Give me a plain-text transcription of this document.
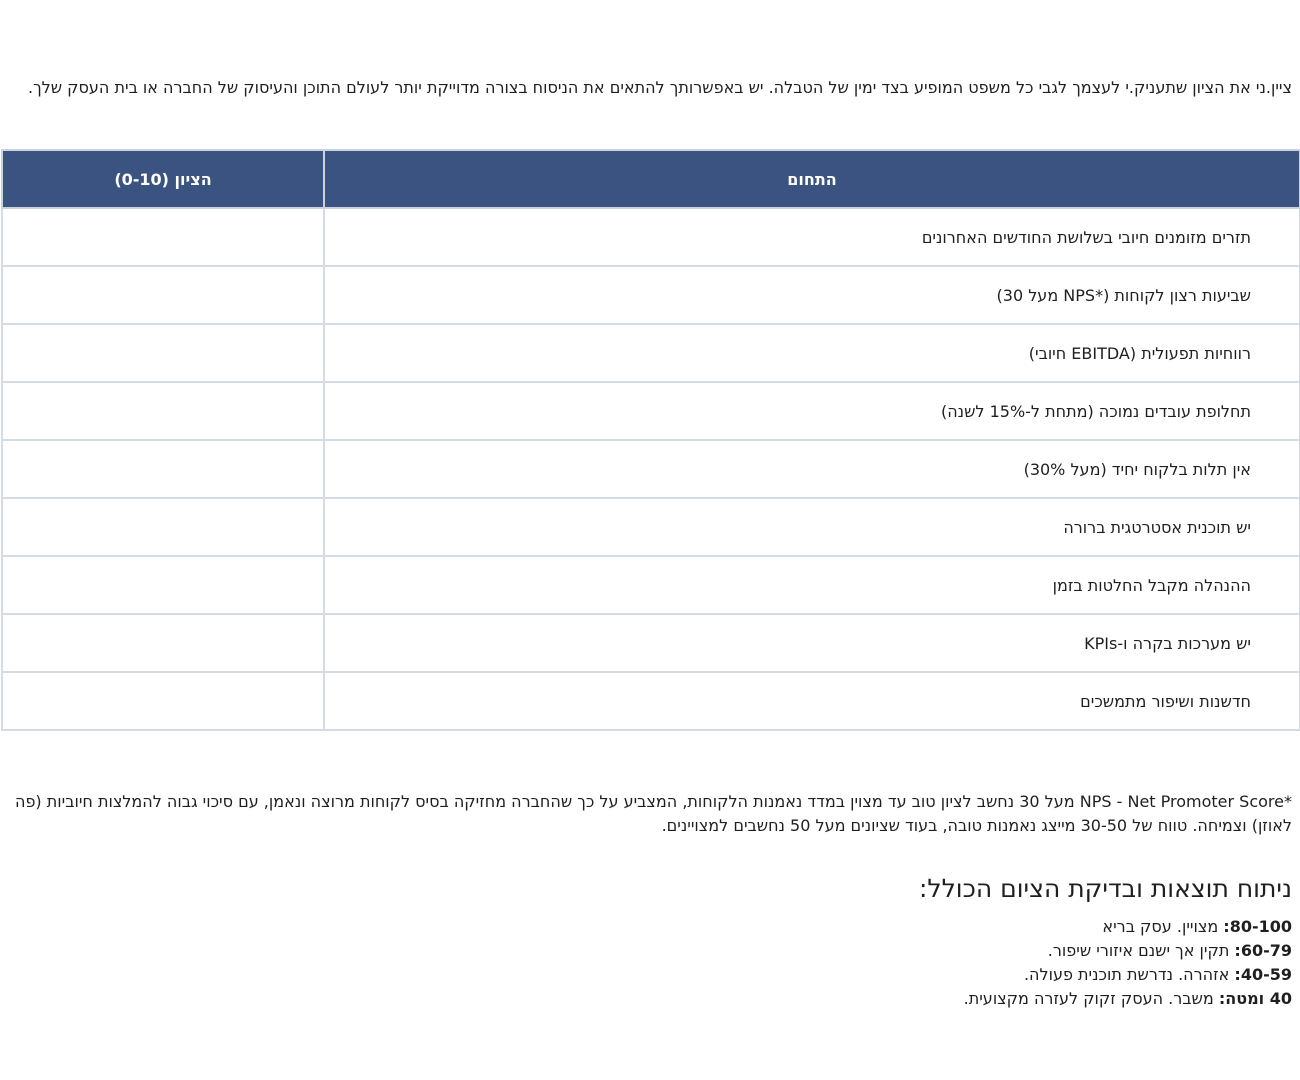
ציין.ני את הציון שתעניק.י לעצמך לגבי כל משפט המופיע בצד ימין של הטבלה. יש באפשרותך להתאים את הניסוח בצורה מדוייקת יותר לעולם התוכן והעיסוק של החברה או בית העסק שלך.

התחום	הציון (0-10)
תזרים מזומנים חיובי בשלושת החודשים האחרונים	
שביעות רצון לקוחות (*NPS מעל 30)	
רווחיות תפעולית (EBITDA חיובי)	
תחלופת עובדים נמוכה (מתחת ל-15% לשנה)	
אין תלות בלקוח יחיד (מעל 30%)	
יש תוכנית אסטרטגית ברורה	
ההנהלה מקבל החלטות בזמן	
יש מערכות בקרה ו-KPIs	
חדשנות ושיפור מתמשכים	

*NPS - Net Promoter Score מעל 30 נחשב לציון טוב עד מצוין במדד נאמנות הלקוחות, המצביע על כך שהחברה מחזיקה בסיס לקוחות מרוצה ונאמן, עם סיכוי גבוה להמלצות חיוביות (פה לאוזן) וצמיחה. טווח של 30-50 מייצג נאמנות טובה, בעוד שציונים מעל 50 נחשבים למצויינים.

ניתוח תוצאות ובדיקת הציום הכולל:
80-100: מצויין. עסק בריא
60-79: תקין אך ישנם איזורי שיפור.
40-59: אזהרה. נדרשת תוכנית פעולה.
40 ומטה: משבר. העסק זקוק לעזרה מקצועית.
